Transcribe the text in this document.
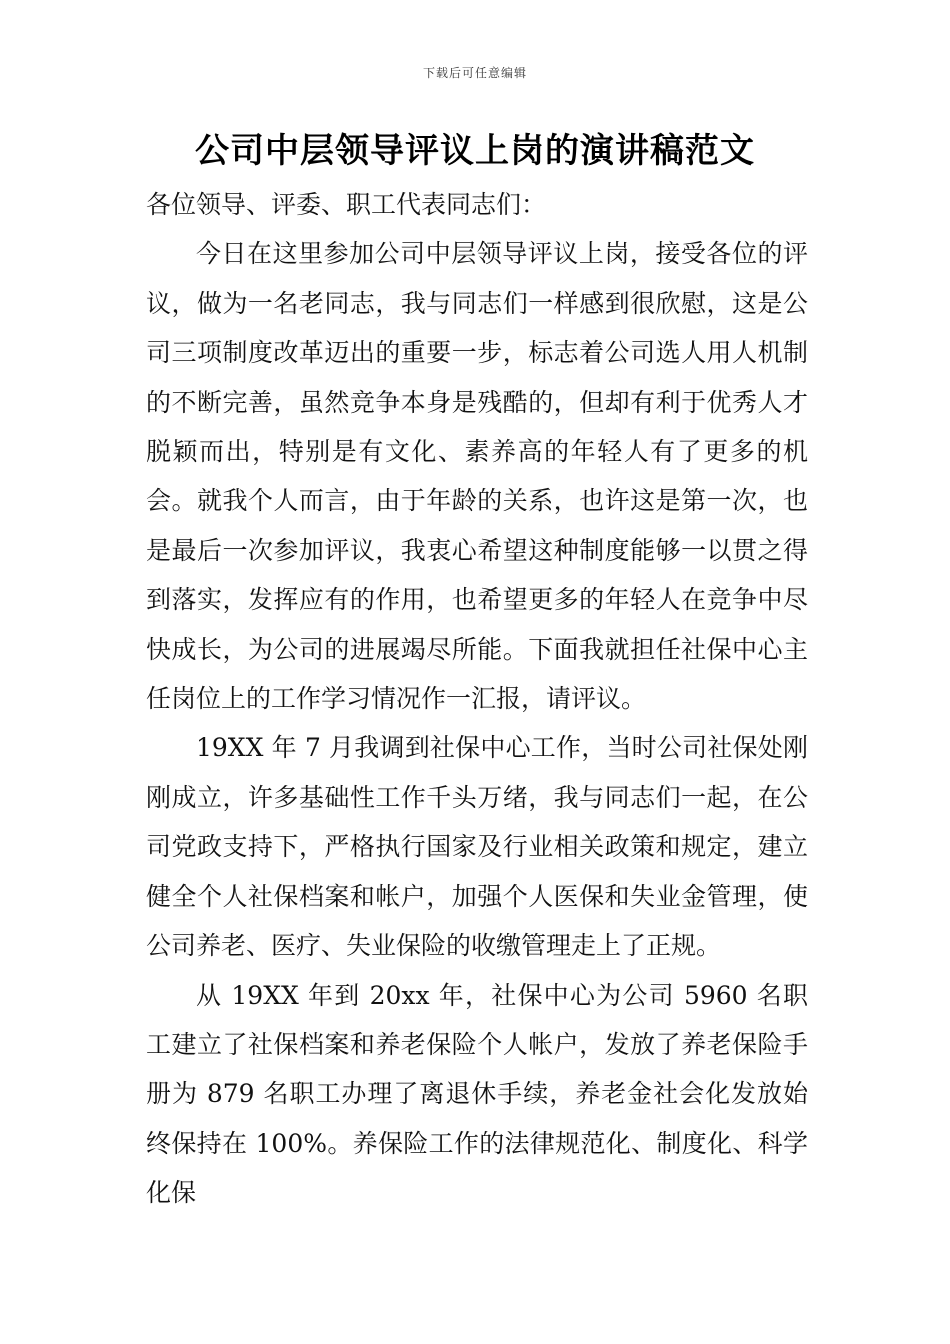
下载后可任意编辑
公司中层领导评议上岗的演讲稿范文

各位领导、评委、职工代表同志们：

今日在这里参加公司中层领导评议上岗，接受各位的评议，做为一名老同志，我与同志们一样感到很欣慰，这是公司三项制度改革迈出的重要一步，标志着公司选人用人机制的不断完善，虽然竞争本身是残酷的，但却有利于优秀人才脱颖而出，特别是有文化、素养高的年轻人有了更多的机会。就我个人而言，由于年龄的关系，也许这是第一次，也是最后一次参加评议，我衷心希望这种制度能够一以贯之得到落实，发挥应有的作用，也希望更多的年轻人在竞争中尽快成长，为公司的进展竭尽所能。下面我就担任社保中心主任岗位上的工作学习情况作一汇报，请评议。

19XX 年 7 月我调到社保中心工作，当时公司社保处刚刚成立，许多基础性工作千头万绪，我与同志们一起，在公司党政支持下，严格执行国家及行业相关政策和规定，建立健全个人社保档案和帐户，加强个人医保和失业金管理，使公司养老、医疗、失业保险的收缴管理走上了正规。

从 19XX 年到 20xx 年，社保中心为公司 5960 名职工建立了社保档案和养老保险个人帐户，发放了养老保险手册为 879 名职工办理了离退休手续，养老金社会化发放始终保持在 100%。养保险工作的法律规范化、制度化、科学化保
